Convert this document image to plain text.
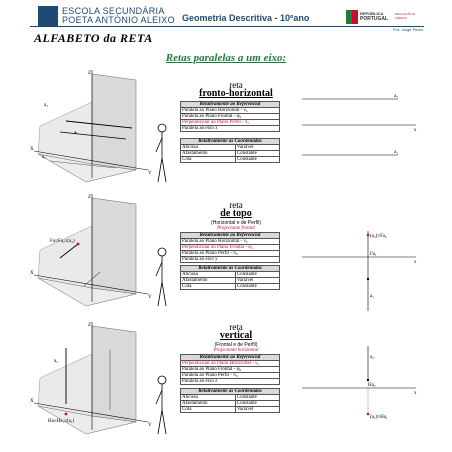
ESCOLA SECUNDÁRIA
POETA ANTÓNIO ALEIXO Geometria Descritiva - 10ºano	REPÚBLICA
PORTUGAL
EDUCAÇÃO E CIÊNCIA
Por: Jorge Pedro
ALFABETO da RETA
Retas paralelas a um eixo:
a₂
a
a₁
Z
X
Y
reta
fronto-horizontal
Relativamente ao Referencial
Paralela ao Plano Horizontal - ν₀
Paralela ao Plano Frontal - φ₀
Perpendicular ao Plano Perfil - π₀
Paralela ao eixo x
Relativamente às Coordenadas	
Abcissa	Variável
Afastamento	Constante
Cota	Constante
a₂
x
a₁
Fa≡Fa₂≡(a₂)
Z
X
Y
reta
de topo
(Horizontal e de Perfil)
Projectante frontal
Relativamente ao Referencial
Paralela ao Plano Horizontal - ν₀
Perpendicular ao Plano Frontal - φ₀
Paralela ao Plano Perfil - π₀
Paralela ao eixo y
Relativamente às Coordenadas	
Abcissa	Constante
Afastamento	Variável
Cota	Constante
(a₂)≡Fa₂
x
Fa₁
a₁
a₂
Ha≡Ha₁≡(a₁)
Z
X
Y
reta
vertical
(Frontal e de Perfil)
Projectante horizontal
Relativamente ao Referencial
Perpendicular ao Plano Horizontal - ν₀
Paralela ao Plano Frontal - φ₀
Paralela ao Plano Perfil - π₀
Paralela ao eixo z
Relativamente às Coordenadas	
Abcissa	Constante
Afastamento	Constante
Cota	Variável
a₂
Ha₂
x
(a₁)≡Ha₁
